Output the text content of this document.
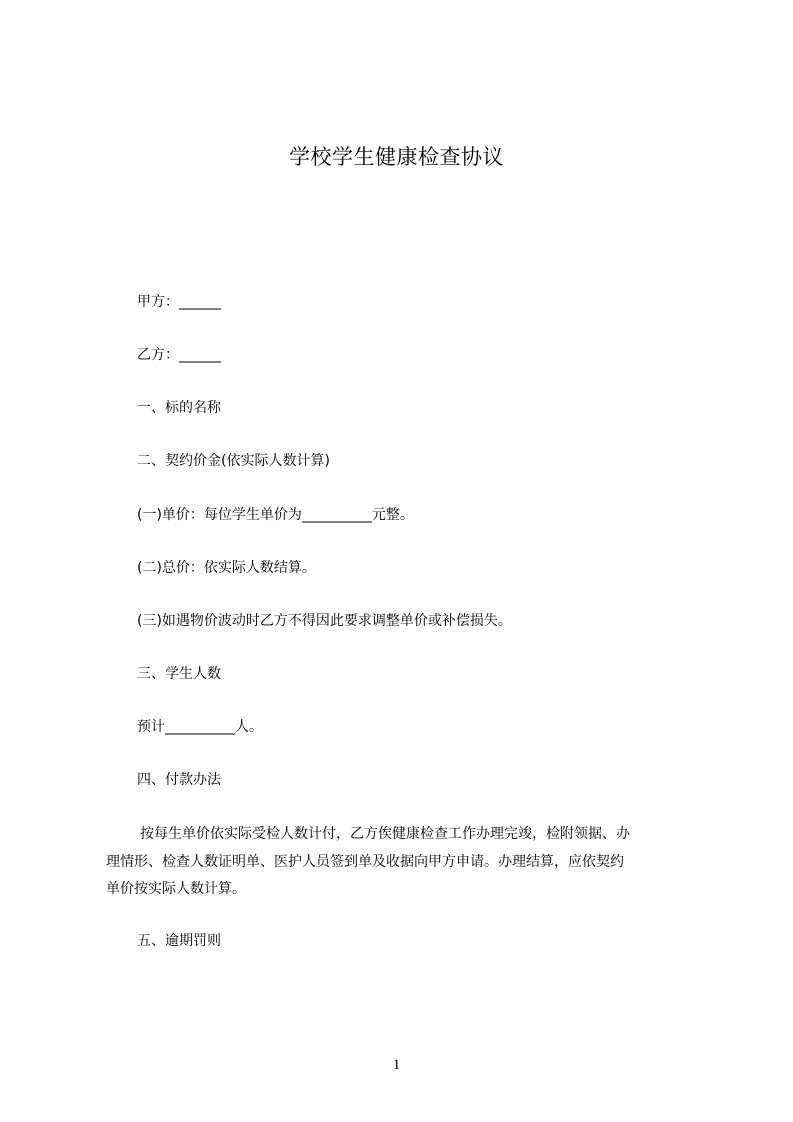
学校学生健康检查协议
甲方：______
乙方：______
一、标的名称
二、契约价金(依实际人数计算)
(一)单价：每位学生单价为__________元整。
(二)总价：依实际人数结算。
(三)如遇物价波动时乙方不得因此要求调整单价或补偿损失。
三、学生人数
预计__________人。
四、付款办法
按每生单价依实际受检人数计付，乙方俟健康检查工作办理完竣，检附领据、办
理情形、检查人数证明单、医护人员签到单及收据向甲方申请。办理结算，应依契约
单价按实际人数计算。
五、逾期罚则
1
